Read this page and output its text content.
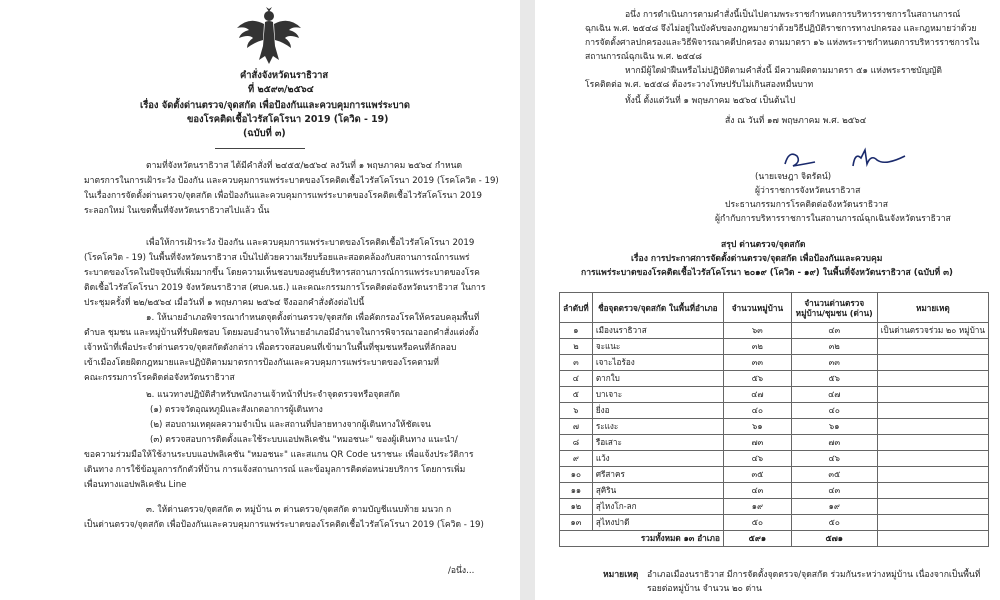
คำสั่งจังหวัดนราธิวาส
ที่ ๒๕๙๓/๒๕๖๔
เรื่อง จัดตั้งด่านตรวจ/จุดสกัด เพื่อป้องกันและควบคุมการแพร่ระบาด
ของโรคติดเชื้อไวรัสโคโรนา 2019 (โควิด - 19)
(ฉบับที่ ๓)
ตามที่จังหวัดนราธิวาส ได้มีคำสั่งที่ ๒๔๕๕/๒๕๖๔ ลงวันที่ ๑ พฤษภาคม ๒๕๖๔ กำหนด
มาตรการในการเฝ้าระวัง ป้องกัน และควบคุมการแพร่ระบาดของโรคติดเชื้อไวรัสโคโรนา 2019 (โรคโควิด - 19)
ในเรื่องการจัดตั้งด่านตรวจ/จุดสกัด เพื่อป้องกันและควบคุมการแพร่ระบาดของโรคติดเชื้อไวรัสโคโรนา 2019
ระลอกใหม่ ในเขตพื้นที่จังหวัดนราธิวาสไปแล้ว นั้น
เพื่อให้การเฝ้าระวัง ป้องกัน และควบคุมการแพร่ระบาดของโรคติดเชื้อไวรัสโคโรนา 2019
(โรคโควิด - 19) ในพื้นที่จังหวัดนราธิวาส เป็นไปด้วยความเรียบร้อยและสอดคล้องกับสถานการณ์การแพร่
ระบาดของโรคในปัจจุบันที่เพิ่มมากขึ้น โดยความเห็นชอบของศูนย์บริหารสถานการณ์การแพร่ระบาดของโรค
ติดเชื้อไวรัสโคโรนา 2019 จังหวัดนราธิวาส (ศบค.นธ.) และคณะกรรมการโรคติดต่อจังหวัดนราธิวาส ในการ
ประชุมครั้งที่ ๒๒/๒๕๖๔ เมื่อวันที่ ๑ พฤษภาคม ๒๕๖๔ จึงออกคำสั่งดังต่อไปนี้
๑. ให้นายอำเภอพิจารณากำหนดจุดตั้งด่านตรวจ/จุดสกัด เพื่อคัดกรองโรคให้ครอบคลุมพื้นที่
ตำบล ชุมชน และหมู่บ้านที่รับผิดชอบ โดยมอบอำนาจให้นายอำเภอมีอำนาจในการพิจารณาออกคำสั่งแต่งตั้ง
เจ้าหน้าที่เพื่อประจำด่านตรวจ/จุดสกัดดังกล่าว เพื่อตรวจสอบคนที่เข้ามาในพื้นที่ชุมชนหรือคนที่ลักลอบ
เข้าเมืองโดยผิดกฎหมายและปฏิบัติตามมาตรการป้องกันและควบคุมการแพร่ระบาดของโรคตามที่
คณะกรรมการโรคติดต่อจังหวัดนราธิวาส
๒. แนวทางปฏิบัติสำหรับพนักงานเจ้าหน้าที่ประจำจุดตรวจหรือจุดสกัด
(๑) ตรวจวัดอุณหภูมิและสังเกตอาการผู้เดินทาง
(๒) สอบถามเหตุผลความจำเป็น และสถานที่ปลายทางจากผู้เดินทางให้ชัดเจน
(๓) ตรวจสอบการติดตั้งและใช้ระบบแอปพลิเคชัน "หมอชนะ" ของผู้เดินทาง แนะนำ/
ขอความร่วมมือให้ใช้งานระบบแอปพลิเคชัน "หมอชนะ" และสแกน QR Code นราชนะ เพื่อแจ้งประวัติการ
เดินทาง การใช้ข้อมูลการกักตัวที่บ้าน การแจ้งสถานการณ์ และข้อมูลการติดต่อหน่วยบริการ โดยการเพิ่ม
เพื่อนทางแอปพลิเคชัน Line
๓. ให้ด่านตรวจ/จุดสกัด ๓ หมู่บ้าน ๓ ด่านตรวจ/จุดสกัด ตามบัญชีแนบท้าย มนวก ก
เป็นด่านตรวจ/จุดสกัด เพื่อป้องกันและควบคุมการแพร่ระบาดของโรคติดเชื้อไวรัสโคโรนา 2019 (โควิด - 19)
/อนึ่ง...
อนึ่ง การดำเนินการตามคำสั่งนี้เป็นไปตามพระราชกำหนดการบริหารราชการในสถานการณ์
ฉุกเฉิน พ.ศ. ๒๕๔๘ จึงไม่อยู่ในบังคับของกฎหมายว่าด้วยวิธีปฏิบัติราชการทางปกครอง และกฎหมายว่าด้วย
การจัดตั้งศาลปกครองและวิธีพิจารณาคดีปกครอง ตามมาตรา ๑๖ แห่งพระราชกำหนดการบริหารราชการใน
สถานการณ์ฉุกเฉิน พ.ศ. ๒๕๔๘
หากมีผู้ใดฝ่าฝืนหรือไม่ปฏิบัติตามคำสั่งนี้ มีความผิดตามมาตรา ๕๑ แห่งพระราชบัญญัติ
โรคติดต่อ พ.ศ. ๒๕๕๘ ต้องระวางโทษปรับไม่เกินสองหมื่นบาท
ทั้งนี้ ตั้งแต่วันที่ ๑ พฤษภาคม ๒๕๖๔ เป็นต้นไป
สั่ง ณ วันที่ ๑๗ พฤษภาคม พ.ศ. ๒๕๖๔
(นายเจษฎา จิตรัตน์)
ผู้ว่าราชการจังหวัดนราธิวาส
ประธานกรรมการโรคติดต่อจังหวัดนราธิวาส
ผู้กำกับการบริหารราชการในสถานการณ์ฉุกเฉินจังหวัดนราธิวาส
สรุป ด่านตรวจ/จุดสกัด
เรื่อง การประกาศการจัดตั้งด่านตรวจ/จุดสกัด เพื่อป้องกันและควบคุม
การแพร่ระบาดของโรคติดเชื้อไวรัสโคโรนา ๒๐๑๙ (โควิด - ๑๙) ในพื้นที่จังหวัดนราธิวาส (ฉบับที่ ๓)
ลำดับที่	ชื่อจุดตรวจ/จุดสกัด ในพื้นที่อำเภอ	จำนวนหมู่บ้าน	จำนวนด่านตรวจ หมู่บ้าน/ชุมชน (ด่าน)	หมายเหตุ
๑	เมืองนราธิวาส	๖๓	๔๓	เป็นด่านตรวจร่วม ๒๐ หมู่บ้าน
๒	จะแนะ	๓๒	๓๒	
๓	เจาะไอร้อง	๓๓	๓๓	
๔	ตากใบ	๕๖	๕๖	
๕	บาเจาะ	๔๗	๔๗	
๖	ยี่งอ	๔๐	๔๐	
๗	ระแงะ	๖๑	๖๑	
๘	รือเสาะ	๗๓	๗๓	
๙	แว้ง	๔๖	๔๖	
๑๐	ศรีสาคร	๓๕	๓๕	
๑๑	สุคิริน	๔๓	๔๓	
๑๒	สุไหงโก-ลก	๑๙	๑๙	
๑๓	สุไหงปาดี	๕๐	๕๐	
รวมทั้งหมด ๑๓ อำเภอ		๕๙๑	๕๗๑	
หมายเหตุ อำเภอเมืองนราธิวาส มีการจัดตั้งจุดตรวจ/จุดสกัด ร่วมกันระหว่างหมู่บ้าน เนื่องจากเป็นพื้นที่
รอยต่อหมู่บ้าน จำนวน ๒๐ ด่าน
